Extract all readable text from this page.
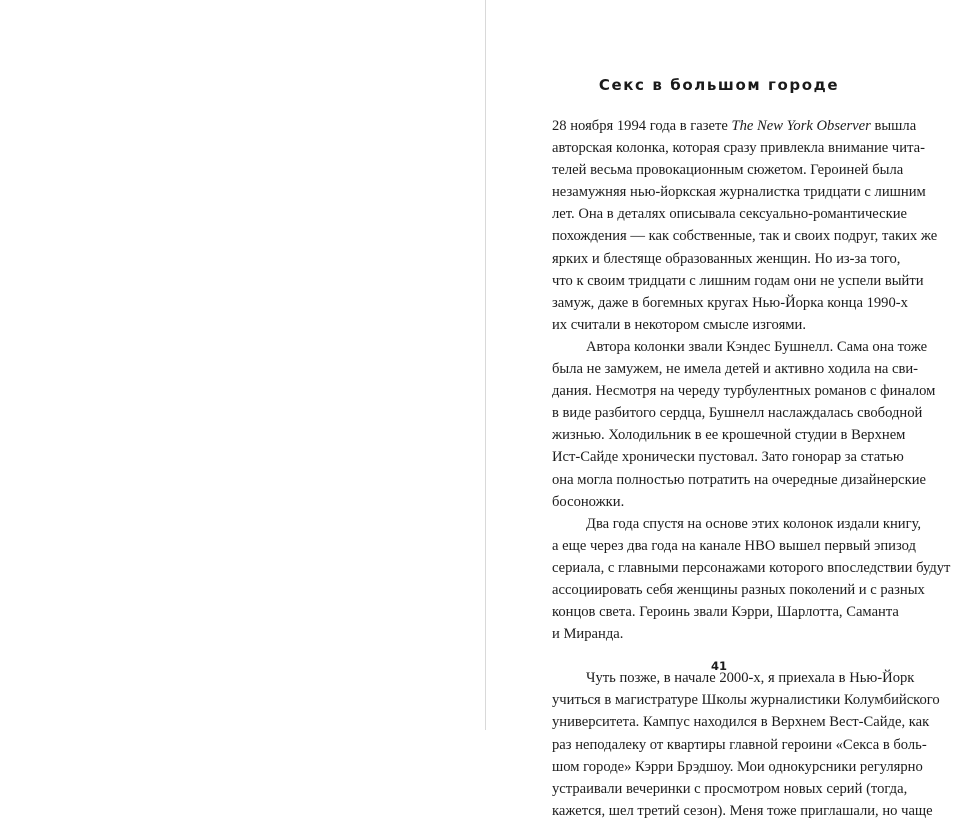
Секс в большом городе

28 ноября 1994 года в газете The New York Observer вышла
авторская колонка, которая сразу привлекла внимание чита-
телей весьма провокационным сюжетом. Героиней была
незамужняя нью-йоркская журналистка тридцати с лишним
лет. Она в деталях описывала сексуально-романтические
похождения — как собственные, так и своих подруг, таких же
ярких и блестяще образованных женщин. Но из-за того,
что к своим тридцати с лишним годам они не успели выйти
замуж, даже в богемных кругах Нью-Йорка конца 1990-х
их считали в некотором смысле изгоями.

Автора колонки звали Кэндес Бушнелл. Сама она тоже
была не замужем, не имела детей и активно ходила на сви-
дания. Несмотря на череду турбулентных романов с финалом
в виде разбитого сердца, Бушнелл наслаждалась свободной
жизнью. Холодильник в ее крошечной студии в Верхнем
Ист-Сайде хронически пустовал. Зато гонорар за статью
она могла полностью потратить на очередные дизайнерские
босоножки.

Два года спустя на основе этих колонок издали книгу,
а еще через два года на канале HBO вышел первый эпизод
сериала, с главными персонажами которого впоследствии будут
ассоциировать себя женщины разных поколений и с разных
концов света. Героинь звали Кэрри, Шарлотта, Саманта
и Миранда.

Чуть позже, в начале 2000-х, я приехала в Нью-Йорк
учиться в магистратуре Школы журналистики Колумбийского
университета. Кампус находился в Верхнем Вест-Сайде, как
раз неподалеку от квартиры главной героини «Секса в боль-
шом городе» Кэрри Брэдшоу. Мои однокурсники регулярно
устраивали вечеринки с просмотром новых серий (тогда,
кажется, шел третий сезон). Меня тоже приглашали, но чаще

41
